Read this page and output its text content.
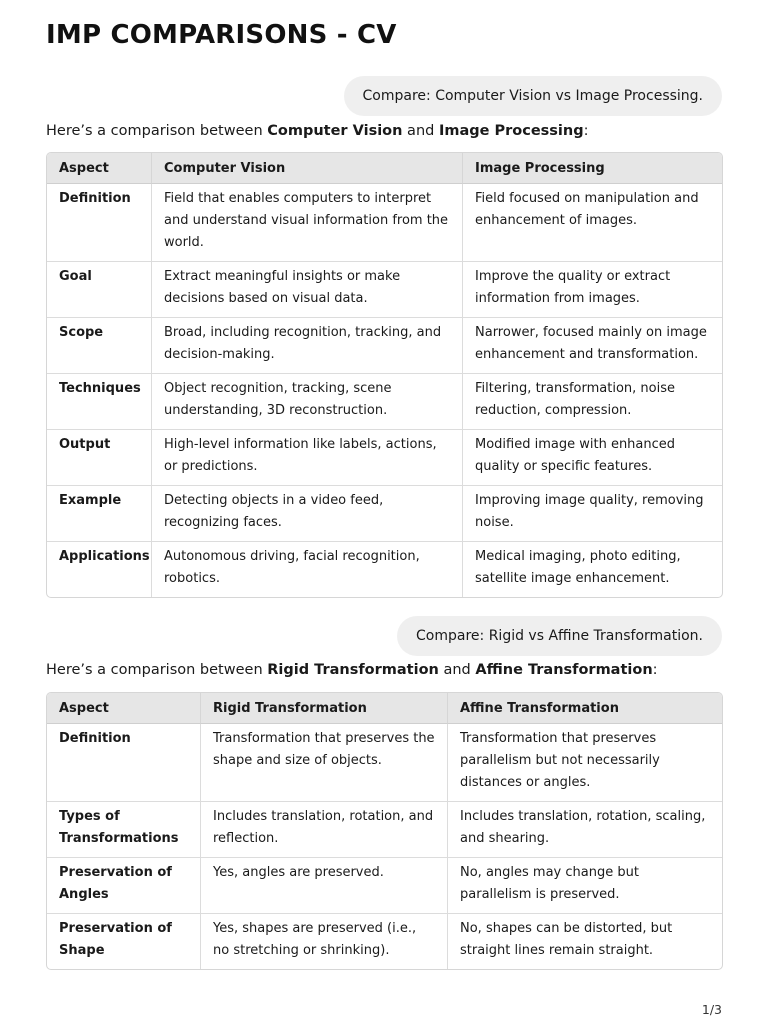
IMP COMPARISONS - CV
Compare: Computer Vision vs Image Processing.
Here’s a comparison between Computer Vision and Image Processing:
Aspect	Computer Vision	Image Processing
Definition	Field that enables computers to interpret and understand visual information from the world.	Field focused on manipulation and enhancement of images.
Goal	Extract meaningful insights or make decisions based on visual data.	Improve the quality or extract information from images.
Scope	Broad, including recognition, tracking, and decision-making.	Narrower, focused mainly on image enhancement and transformation.
Techniques	Object recognition, tracking, scene understanding, 3D reconstruction.	Filtering, transformation, noise reduction, compression.
Output	High-level information like labels, actions, or predictions.	Modified image with enhanced quality or specific features.
Example	Detecting objects in a video feed, recognizing faces.	Improving image quality, removing noise.
Applications	Autonomous driving, facial recognition, robotics.	Medical imaging, photo editing, satellite image enhancement.
Compare: Rigid vs Affine Transformation.
Here’s a comparison between Rigid Transformation and Affine Transformation:
Aspect	Rigid Transformation	Affine Transformation
Definition	Transformation that preserves the shape and size of objects.	Transformation that preserves parallelism but not necessarily distances or angles.
Types of Transformations	Includes translation, rotation, and reflection.	Includes translation, rotation, scaling, and shearing.
Preservation of Angles	Yes, angles are preserved.	No, angles may change but parallelism is preserved.
Preservation of Shape	Yes, shapes are preserved (i.e., no stretching or shrinking).	No, shapes can be distorted, but straight lines remain straight.
1/3
